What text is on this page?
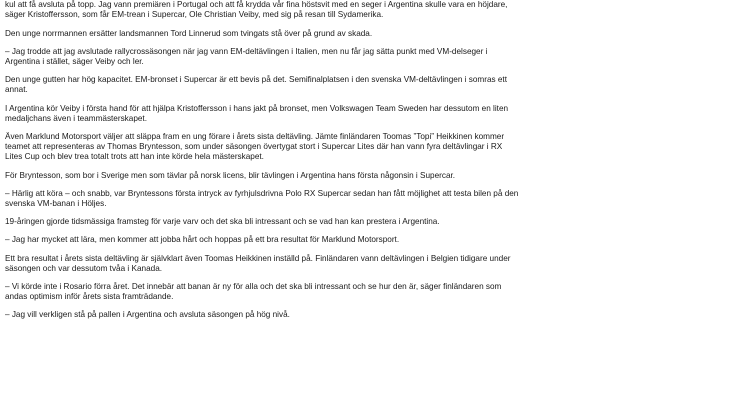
kul att få avsluta på topp. Jag vann premiären i Portugal och att få krydda vår fina höstsvit med en seger i Argentina skulle vara en höjdare,
säger Kristoffersson, som får EM-trean i Supercar, Ole Christian Veiby, med sig på resan till Sydamerika.

Den unge norrmannen ersätter landsmannen Tord Linnerud som tvingats stå över på grund av skada.

– Jag trodde att jag avslutade rallycrossäsongen när jag vann EM-deltävlingen i Italien, men nu får jag sätta punkt med VM-delseger i
Argentina i stället, säger Veiby och ler.

Den unge gutten har hög kapacitet. EM-bronset i Supercar är ett bevis på det. Semifinalplatsen i den svenska VM-deltävlingen i somras ett
annat.

I Argentina kör Veiby i första hand för att hjälpa Kristoffersson i hans jakt på bronset, men Volkswagen Team Sweden har dessutom en liten
medaljchans även i teammästerskapet.

Även Marklund Motorsport väljer att släppa fram en ung förare i årets sista deltävling. Jämte finländaren Toomas ”Topi” Heikkinen kommer
teamet att representeras av Thomas Bryntesson, som under säsongen övertygat stort i Supercar Lites där han vann fyra deltävlingar i RX
Lites Cup och blev trea totalt trots att han inte körde hela mästerskapet.

För Bryntesson, som bor i Sverige men som tävlar på norsk licens, blir tävlingen i Argentina hans första någonsin i Supercar.

– Härlig att köra – och snabb, var Bryntessons första intryck av fyrhjulsdrivna Polo RX Supercar sedan han fått möjlighet att testa bilen på den
svenska VM-banan i Höljes.

19-åringen gjorde tidsmässiga framsteg för varje varv och det ska bli intressant och se vad han kan prestera i Argentina.

– Jag har mycket att lära, men kommer att jobba hårt och hoppas på ett bra resultat för Marklund Motorsport.

Ett bra resultat i årets sista deltävling är självklart även Toomas Heikkinen inställd på. Finländaren vann deltävlingen i Belgien tidigare under
säsongen och var dessutom tvåa i Kanada.

– Vi körde inte i Rosario förra året. Det innebär att banan är ny för alla och det ska bli intressant och se hur den är, säger finländaren som
andas optimism inför årets sista framträdande.

– Jag vill verkligen stå på pallen i Argentina och avsluta säsongen på hög nivå.
